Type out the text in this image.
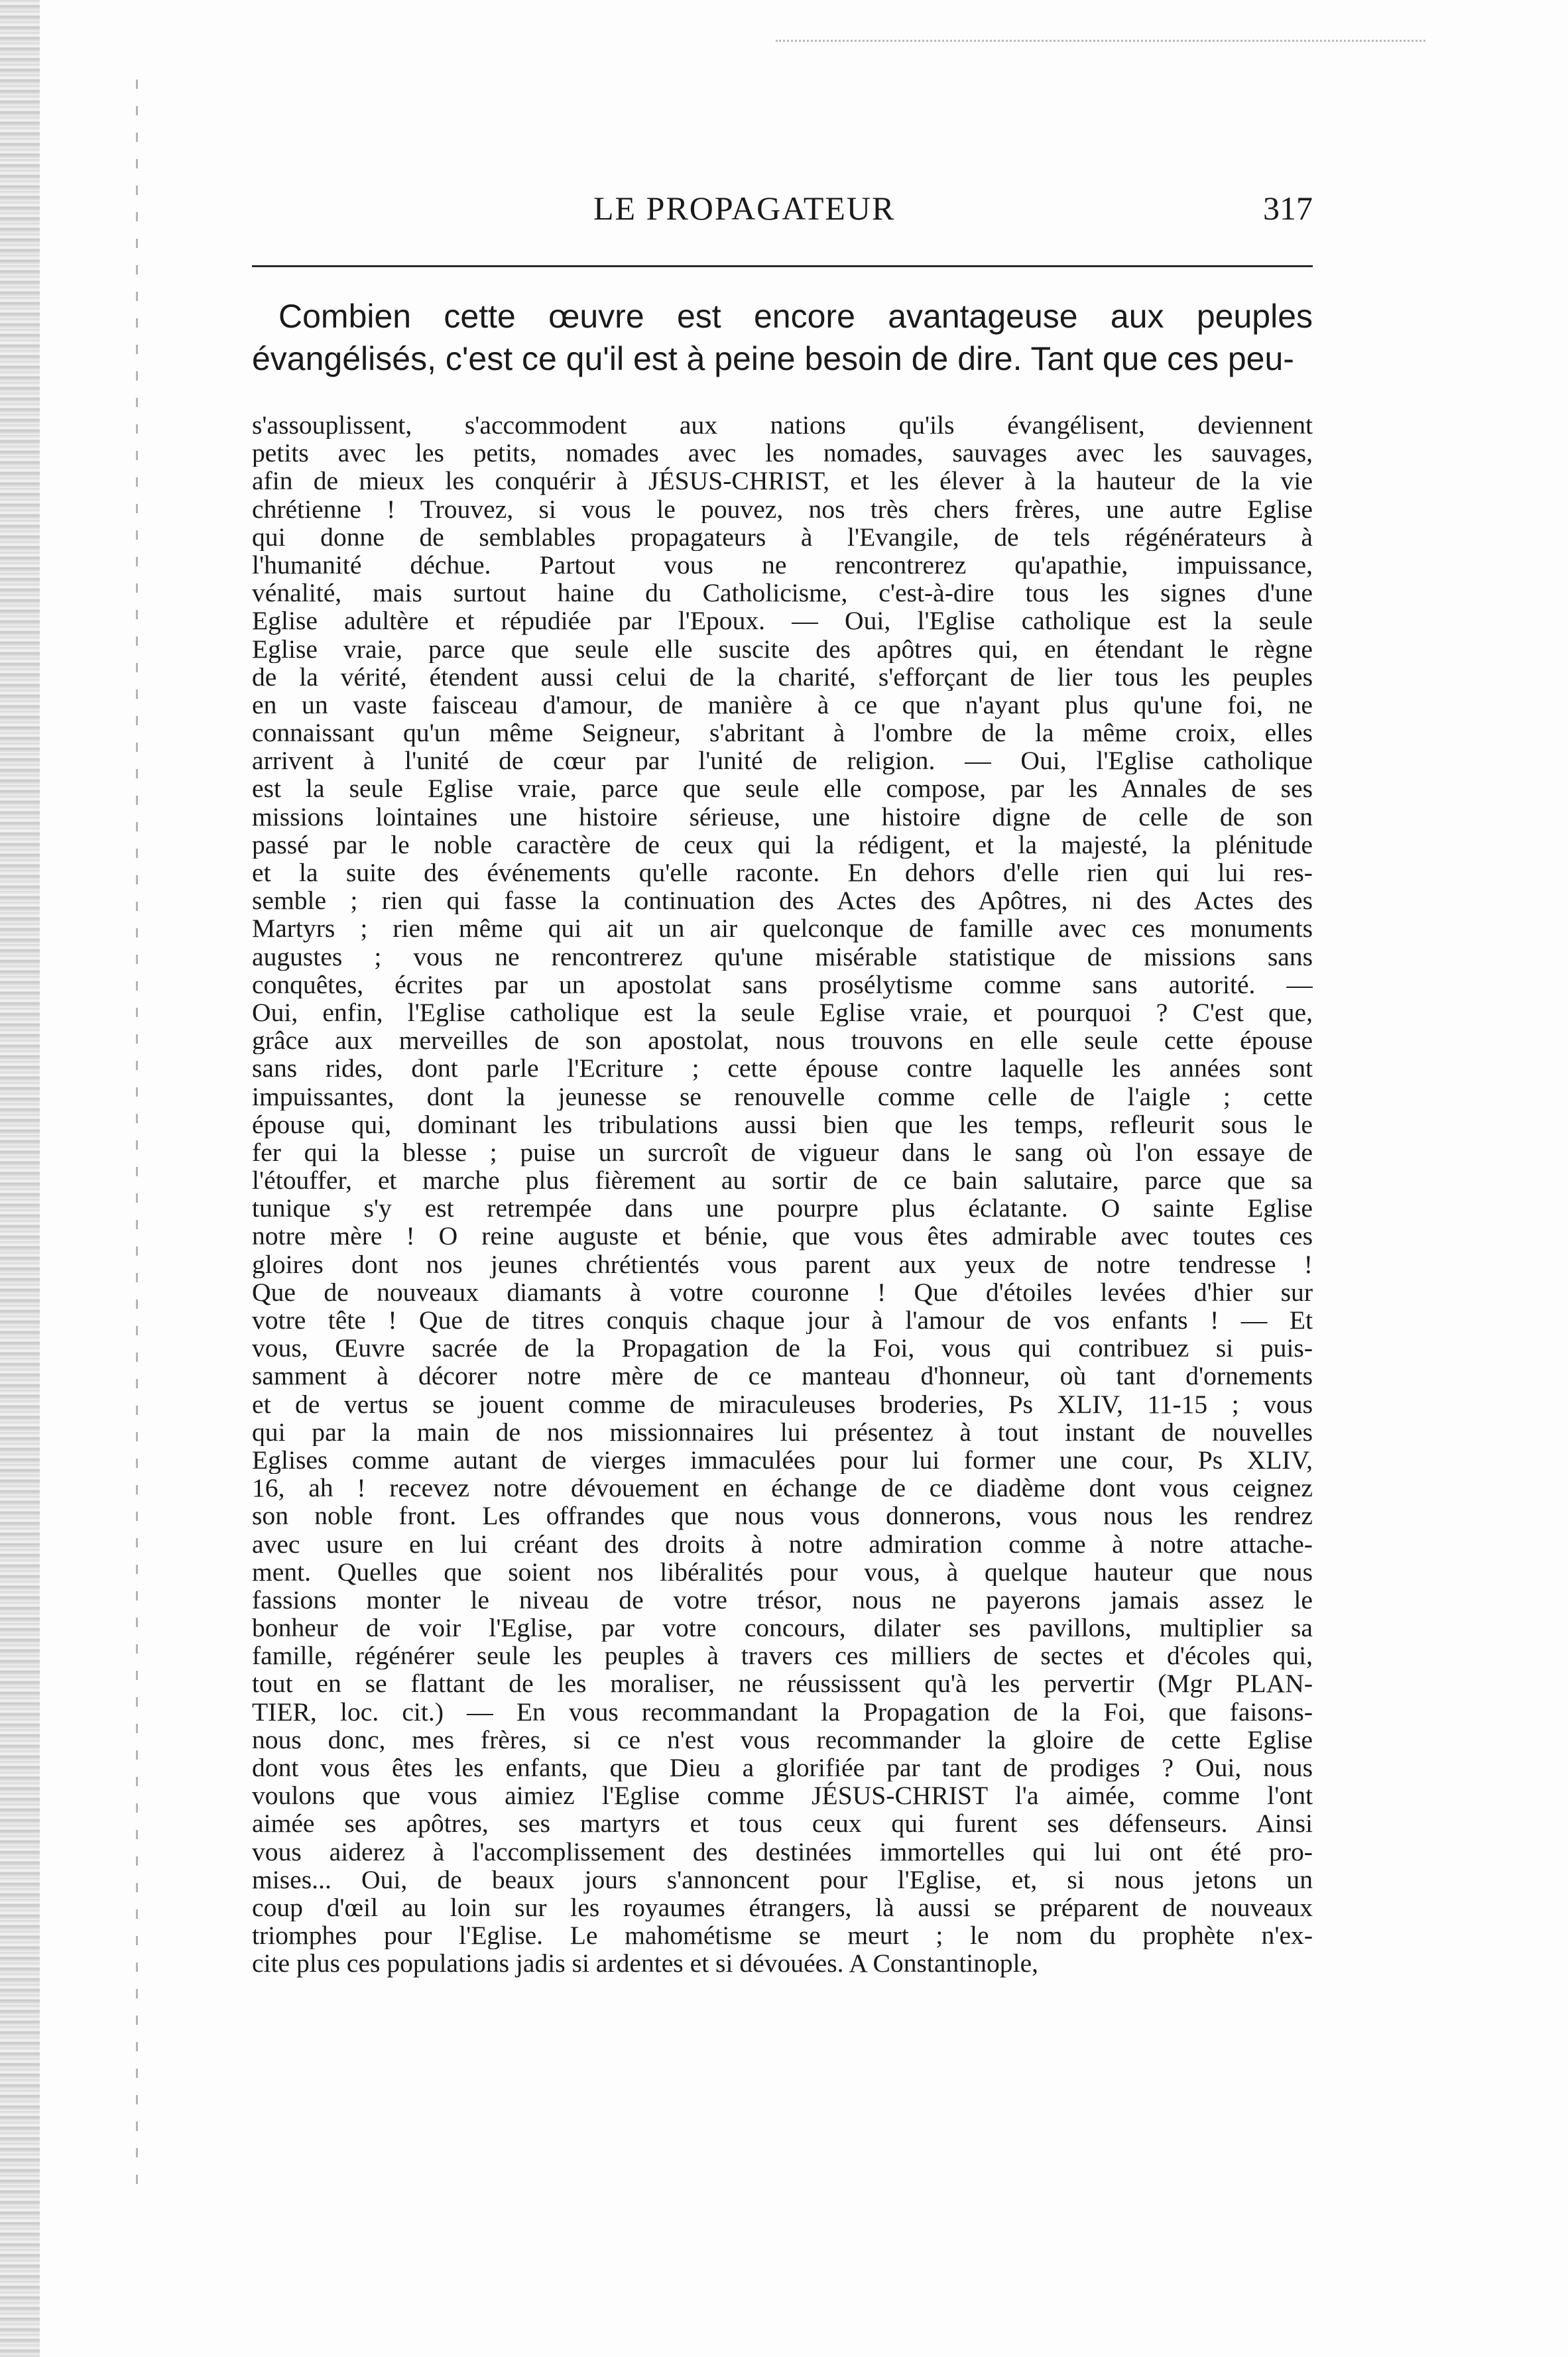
LE PROPAGATEUR	317

Combien cette œuvre est encore avantageuse aux peuples évangélisés, c'est ce qu'il est à peine besoin de dire. Tant que ces peu-

s'assouplissent, s'accommodent aux nations qu'ils évangélisent, deviennent
petits avec les petits, nomades avec les nomades, sauvages avec les sauvages,
afin de mieux les conquérir à JÉSUS-CHRIST, et les élever à la hauteur de la vie
chrétienne ! Trouvez, si vous le pouvez, nos très chers frères, une autre Eglise
qui donne de semblables propagateurs à l'Evangile, de tels régénérateurs à
l'humanité déchue. Partout vous ne rencontrerez qu'apathie, impuissance,
vénalité, mais surtout haine du Catholicisme, c'est-à-dire tous les signes d'une
Eglise adultère et répudiée par l'Epoux. — Oui, l'Eglise catholique est la seule
Eglise vraie, parce que seule elle suscite des apôtres qui, en étendant le règne
de la vérité, étendent aussi celui de la charité, s'efforçant de lier tous les peuples
en un vaste faisceau d'amour, de manière à ce que n'ayant plus qu'une foi, ne
connaissant qu'un même Seigneur, s'abritant à l'ombre de la même croix, elles
arrivent à l'unité de cœur par l'unité de religion. — Oui, l'Eglise catholique
est la seule Eglise vraie, parce que seule elle compose, par les Annales de ses
missions lointaines une histoire sérieuse, une histoire digne de celle de son
passé par le noble caractère de ceux qui la rédigent, et la majesté, la plénitude
et la suite des événements qu'elle raconte. En dehors d'elle rien qui lui res-
semble ; rien qui fasse la continuation des Actes des Apôtres, ni des Actes des
Martyrs ; rien même qui ait un air quelconque de famille avec ces monuments
augustes ; vous ne rencontrerez qu'une misérable statistique de missions sans
conquêtes, écrites par un apostolat sans prosélytisme comme sans autorité. —
Oui, enfin, l'Eglise catholique est la seule Eglise vraie, et pourquoi ? C'est que,
grâce aux merveilles de son apostolat, nous trouvons en elle seule cette épouse
sans rides, dont parle l'Ecriture ; cette épouse contre laquelle les années sont
impuissantes, dont la jeunesse se renouvelle comme celle de l'aigle ; cette
épouse qui, dominant les tribulations aussi bien que les temps, refleurit sous le
fer qui la blesse ; puise un surcroît de vigueur dans le sang où l'on essaye de
l'étouffer, et marche plus fièrement au sortir de ce bain salutaire, parce que sa
tunique s'y est retrempée dans une pourpre plus éclatante. O sainte Eglise
notre mère ! O reine auguste et bénie, que vous êtes admirable avec toutes ces
gloires dont nos jeunes chrétientés vous parent aux yeux de notre tendresse !
Que de nouveaux diamants à votre couronne ! Que d'étoiles levées d'hier sur
votre tête ! Que de titres conquis chaque jour à l'amour de vos enfants ! — Et
vous, Œuvre sacrée de la Propagation de la Foi, vous qui contribuez si puis-
samment à décorer notre mère de ce manteau d'honneur, où tant d'ornements
et de vertus se jouent comme de miraculeuses broderies, Ps XLIV, 11-15 ; vous
qui par la main de nos missionnaires lui présentez à tout instant de nouvelles
Eglises comme autant de vierges immaculées pour lui former une cour, Ps XLIV,
16, ah ! recevez notre dévouement en échange de ce diadème dont vous ceignez
son noble front. Les offrandes que nous vous donnerons, vous nous les rendrez
avec usure en lui créant des droits à notre admiration comme à notre attache-
ment. Quelles que soient nos libéralités pour vous, à quelque hauteur que nous
fassions monter le niveau de votre trésor, nous ne payerons jamais assez le
bonheur de voir l'Eglise, par votre concours, dilater ses pavillons, multiplier sa
famille, régénérer seule les peuples à travers ces milliers de sectes et d'écoles qui,
tout en se flattant de les moraliser, ne réussissent qu'à les pervertir (Mgr PLAN-
TIER, loc. cit.) — En vous recommandant la Propagation de la Foi, que faisons-
nous donc, mes frères, si ce n'est vous recommander la gloire de cette Eglise
dont vous êtes les enfants, que Dieu a glorifiée par tant de prodiges ? Oui, nous
voulons que vous aimiez l'Eglise comme JÉSUS-CHRIST l'a aimée, comme l'ont
aimée ses apôtres, ses martyrs et tous ceux qui furent ses défenseurs. Ainsi
vous aiderez à l'accomplissement des destinées immortelles qui lui ont été pro-
mises... Oui, de beaux jours s'annoncent pour l'Eglise, et, si nous jetons un
coup d'œil au loin sur les royaumes étrangers, là aussi se préparent de nouveaux
triomphes pour l'Eglise. Le mahométisme se meurt ; le nom du prophète n'ex-
cite plus ces populations jadis si ardentes et si dévouées. A Constantinople,
